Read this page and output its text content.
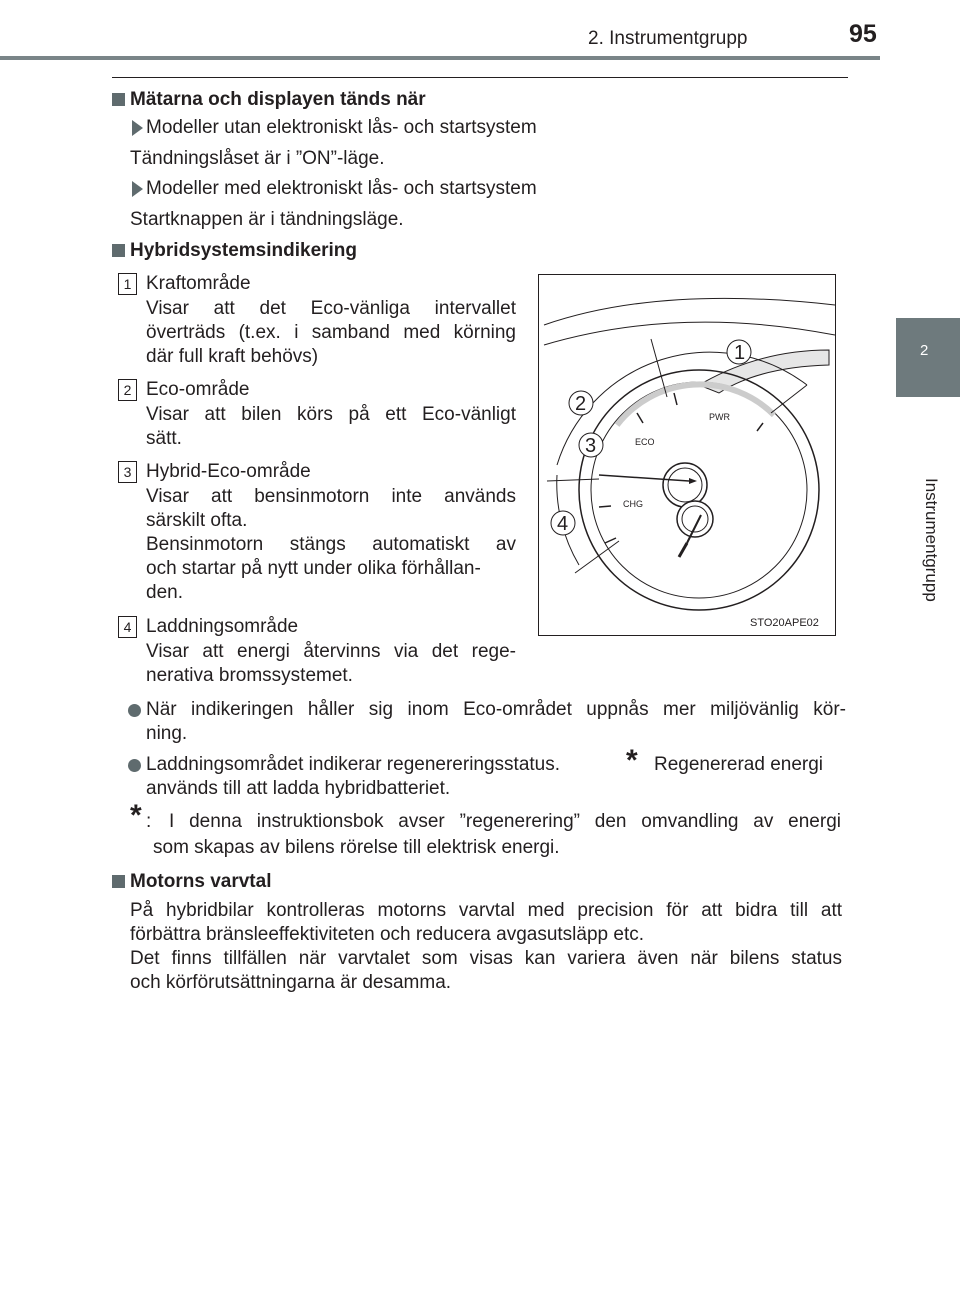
2. Instrumentgrupp	95
2
Instrumentgrupp
Mätarna och displayen tänds när
Modeller utan elektroniskt lås- och startsystem
Tändningslåset är i ”ON”-läge.
Modeller med elektroniskt lås- och startsystem
Startknappen är i tändningsläge.
Hybridsystemsindikering
1 Kraftområde
Visar att det Eco-vänliga intervallet
överträds (t.ex. i samband med körning
där full kraft behövs)
2 Eco-område
Visar att bilen körs på ett Eco-vänligt
sätt.
3 Hybrid-Eco-område
Visar att bensinmotorn inte används
särskilt ofta.
Bensinmotorn stängs automatiskt av
och startar på nytt under olika förhållan-
den.
4 Laddningsområde
Visar att energi återvinns via det rege-
nerativa bromssystemet.
När indikeringen håller sig inom Eco-området uppnås mer miljövänlig kör-
ning.
Laddningsområdet indikerar regenereringsstatus. * Regenererad energi
används till att ladda hybridbatteriet.
* : I denna instruktionsbok avser ”regenerering” den omvandling av energi
som skapas av bilens rörelse till elektrisk energi.
Motorns varvtal
På hybridbilar kontrolleras motorns varvtal med precision för att bidra till att
förbättra bränsleeffektiviteten och reducera avgasutsläpp etc.
Det finns tillfällen när varvtalet som visas kan variera även när bilens status
och körförutsättningarna är desamma.
PWR
ECO
CHG
1
2
3
4
STO20APE02
